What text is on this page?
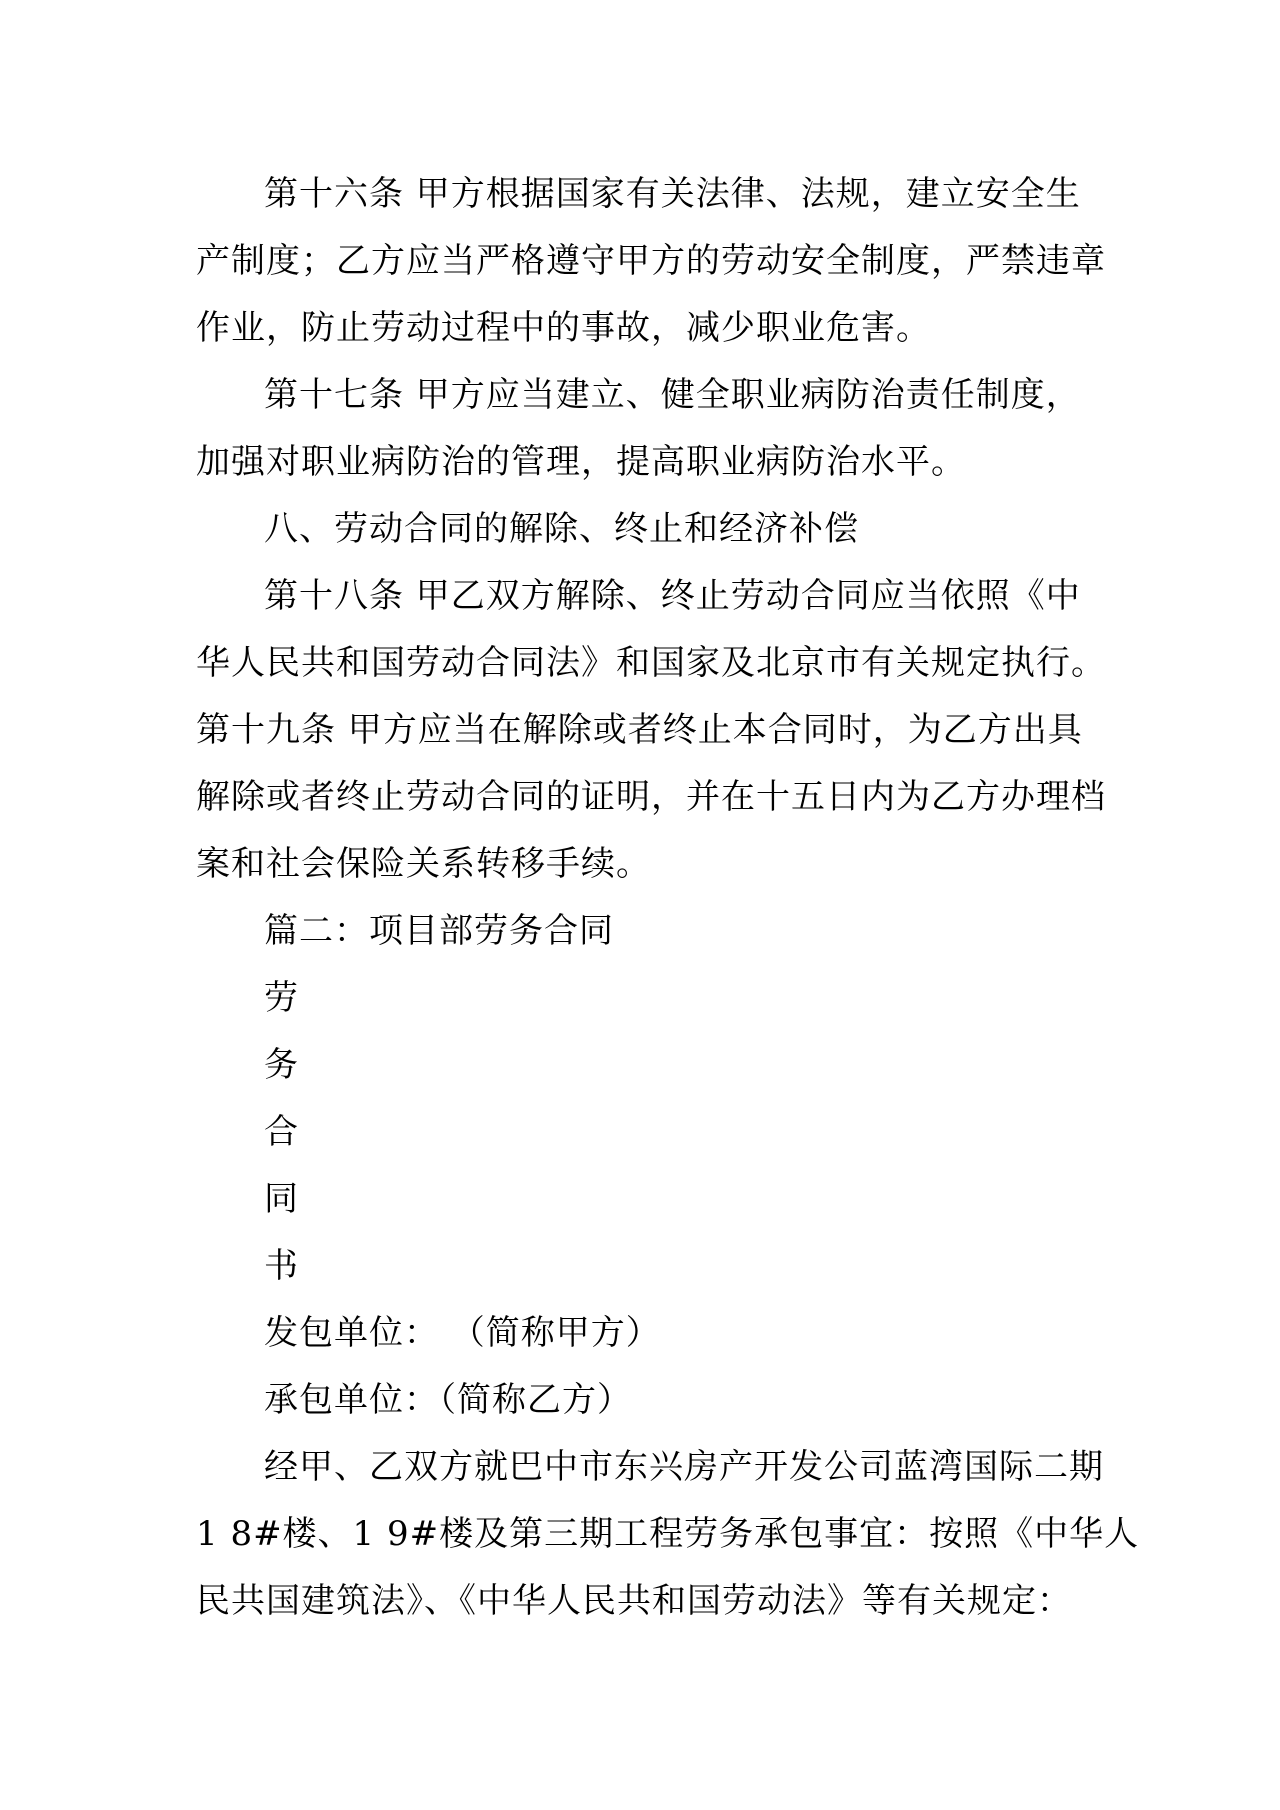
第十六条 甲方根据国家有关法律、法规，建立安全生
产制度；乙方应当严格遵守甲方的劳动安全制度，严禁违章
作业，防止劳动过程中的事故，减少职业危害。
第十七条 甲方应当建立、健全职业病防治责任制度，
加强对职业病防治的管理，提高职业病防治水平。
八、劳动合同的解除、终止和经济补偿
第十八条 甲乙双方解除、终止劳动合同应当依照《中
华人民共和国劳动合同法》和国家及北京市有关规定执行。
第十九条 甲方应当在解除或者终止本合同时，为乙方出具
解除或者终止劳动合同的证明，并在十五日内为乙方办理档
案和社会保险关系转移手续。
篇二：项目部劳务合同
劳
务
合
同
书
发包单位： （简称甲方）
承包单位：（简称乙方）
经甲、乙双方就巴中市东兴房产开发公司蓝湾国际二期
1 8#楼、1 9#楼及第三期工程劳务承包事宜：按照《中华人
民共国建筑法》、《中华人民共和国劳动法》等有关规定：
